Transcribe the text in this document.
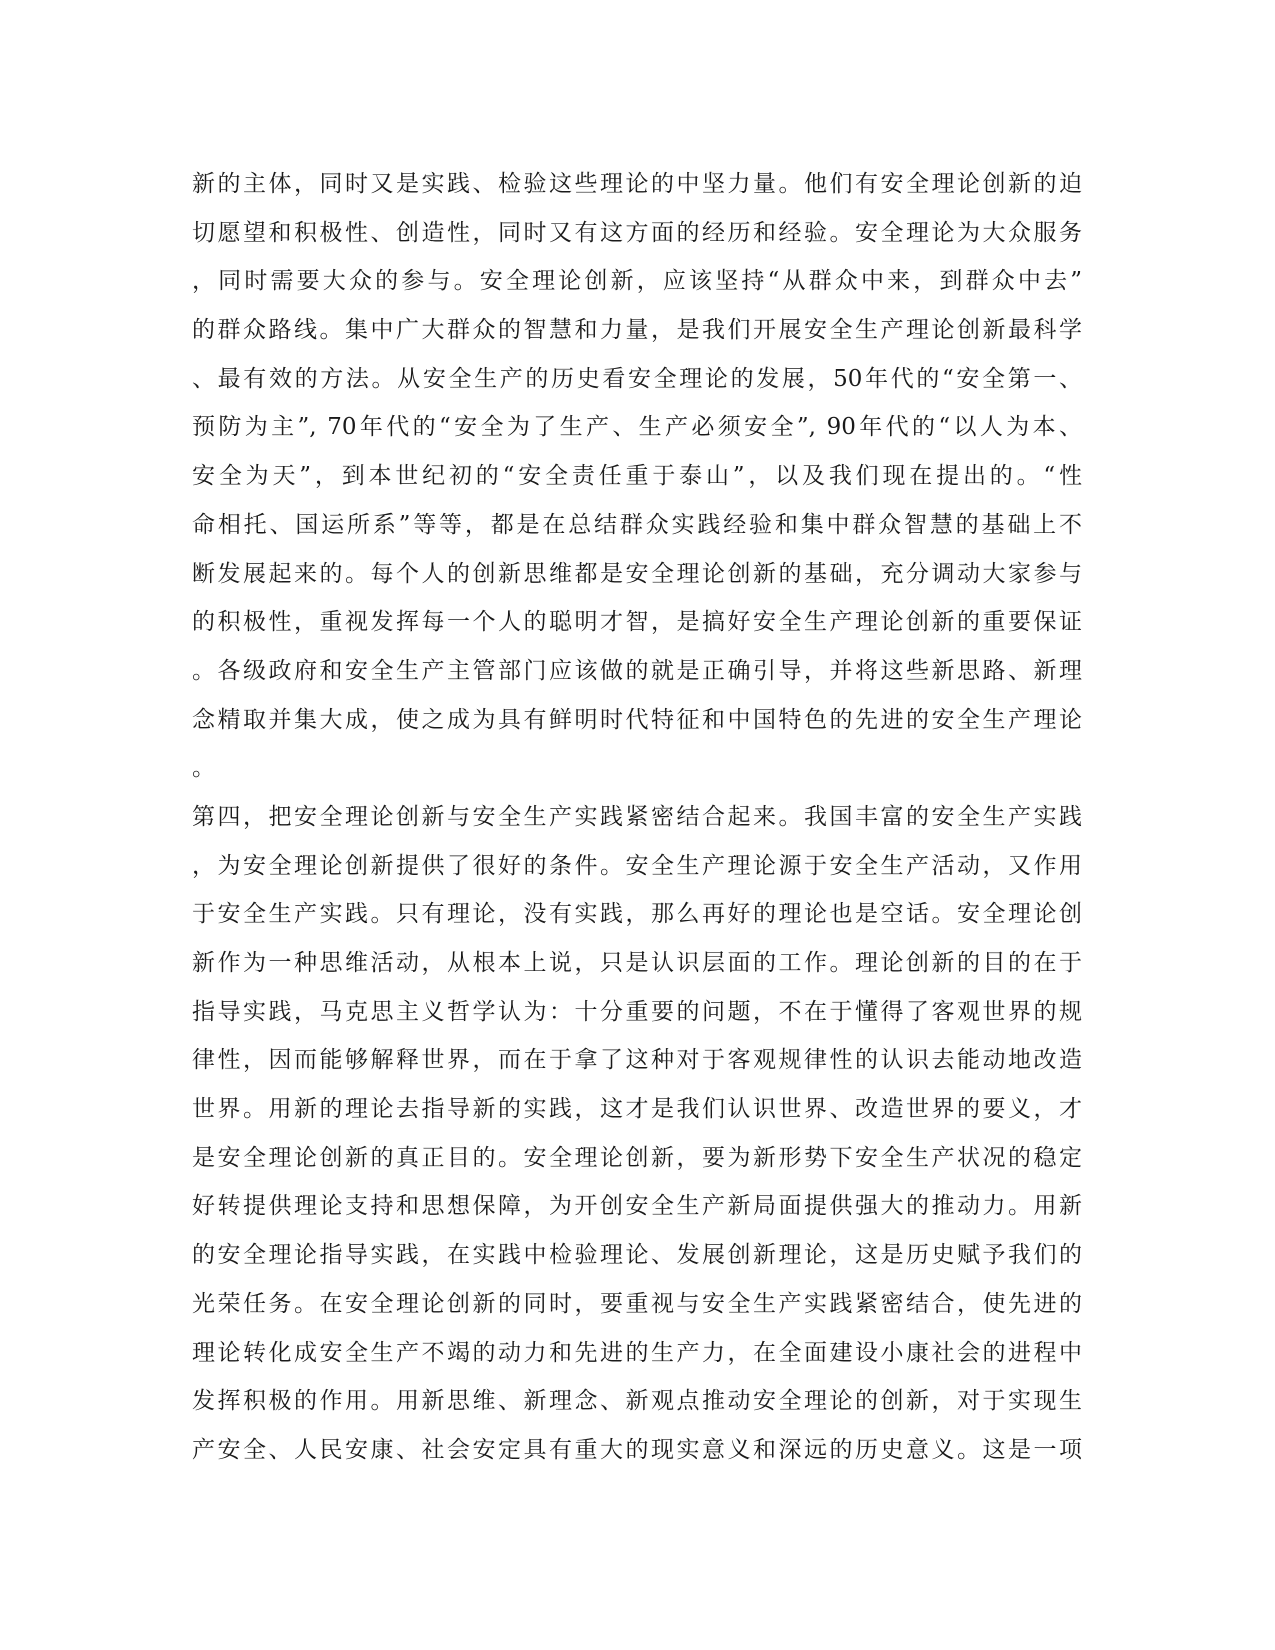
新的主体，同时又是实践、检验这些理论的中坚力量。他们有安全理论创新的迫
切愿望和积极性、创造性，同时又有这方面的经历和经验。安全理论为大众服务
，同时需要大众的参与。安全理论创新，应该坚持“从群众中来，到群众中去”
的群众路线。集中广大群众的智慧和力量，是我们开展安全生产理论创新最科学
、最有效的方法。从安全生产的历史看安全理论的发展，50年代的“安全第一、
预防为主”, 70年代的“安全为了生产、生产必须安全”, 90年代的“以人为本、
安全为天”，到本世纪初的“安全责任重于泰山”，以及我们现在提出的。“性
命相托、国运所系”等等，都是在总结群众实践经验和集中群众智慧的基础上不
断发展起来的。每个人的创新思维都是安全理论创新的基础，充分调动大家参与
的积极性，重视发挥每一个人的聪明才智，是搞好安全生产理论创新的重要保证
。各级政府和安全生产主管部门应该做的就是正确引导，并将这些新思路、新理
念精取并集大成，使之成为具有鲜明时代特征和中国特色的先进的安全生产理论
。
第四，把安全理论创新与安全生产实践紧密结合起来。我国丰富的安全生产实践
，为安全理论创新提供了很好的条件。安全生产理论源于安全生产活动，又作用
于安全生产实践。只有理论，没有实践，那么再好的理论也是空话。安全理论创
新作为一种思维活动，从根本上说，只是认识层面的工作。理论创新的目的在于
指导实践，马克思主义哲学认为：十分重要的问题，不在于懂得了客观世界的规
律性，因而能够解释世界，而在于拿了这种对于客观规律性的认识去能动地改造
世界。用新的理论去指导新的实践，这才是我们认识世界、改造世界的要义，才
是安全理论创新的真正目的。安全理论创新，要为新形势下安全生产状况的稳定
好转提供理论支持和思想保障，为开创安全生产新局面提供强大的推动力。用新
的安全理论指导实践，在实践中检验理论、发展创新理论，这是历史赋予我们的
光荣任务。在安全理论创新的同时，要重视与安全生产实践紧密结合，使先进的
理论转化成安全生产不竭的动力和先进的生产力，在全面建设小康社会的进程中
发挥积极的作用。用新思维、新理念、新观点推动安全理论的创新，对于实现生
产安全、人民安康、社会安定具有重大的现实意义和深远的历史意义。这是一项
